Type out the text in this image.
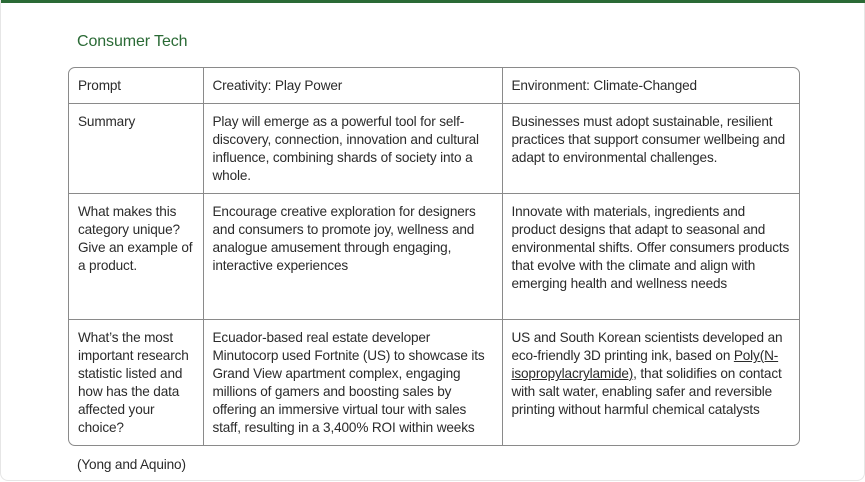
Consumer Tech
Prompt	Creativity: Play Power	Environment: Climate-Changed
Summary	Play will emerge as a powerful tool for self-discovery, connection, innovation and cultural influence, combining shards of society into a whole.	Businesses must adopt sustainable, resilient practices that support consumer wellbeing and adapt to environmental challenges.
What makes this category unique? Give an example of a product.	Encourage creative exploration for designers and consumers to promote joy, wellness and analogue amusement through engaging, interactive experiences	Innovate with materials, ingredients and product designs that adapt to seasonal and environmental shifts. Offer consumers products that evolve with the climate and align with emerging health and wellness needs
What’s the most important research statistic listed and how has the data affected your choice?	Ecuador-based real estate developer Minutocorp used Fortnite (US) to showcase its Grand View apartment complex, engaging millions of gamers and boosting sales by offering an immersive virtual tour with sales staff, resulting in a 3,400% ROI within weeks	US and South Korean scientists developed an eco-friendly 3D printing ink, based on Poly(N-isopropylacrylamide), that solidifies on contact with salt water, enabling safer and reversible printing without harmful chemical catalysts
(Yong and Aquino)
